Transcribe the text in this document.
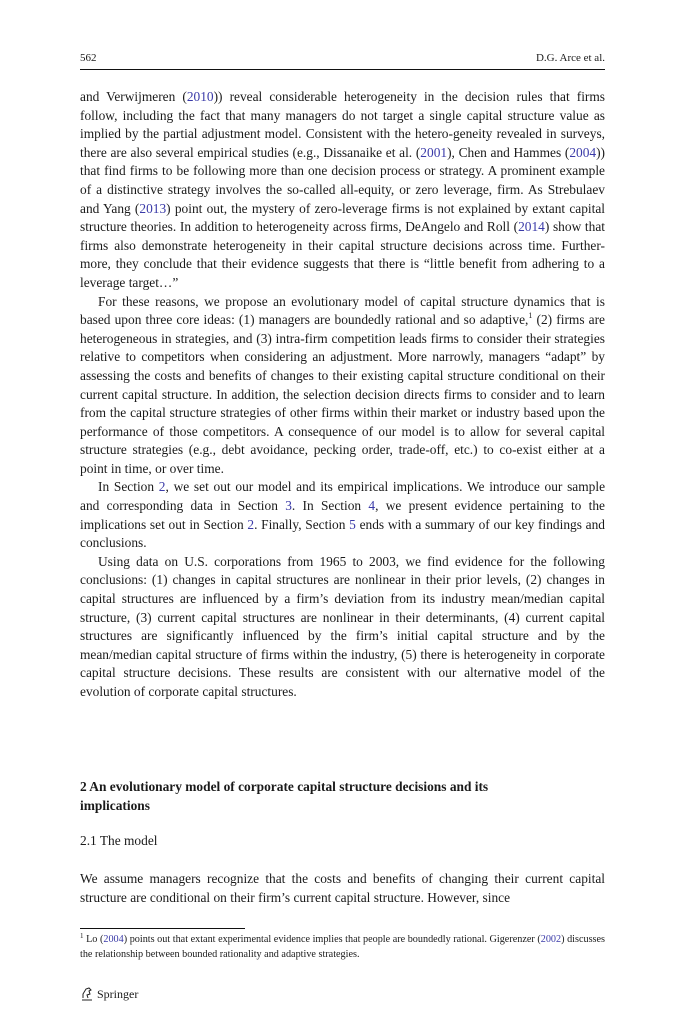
562	D.G. Arce et al.

and Verwijmeren (2010)) reveal considerable heterogeneity in the decision rules that firms follow, including the fact that many managers do not target a single capital structure value as implied by the partial adjustment model. Consistent with the hetero-geneity revealed in surveys, there are also several empirical studies (e.g., Dissanaike et al. (2001), Chen and Hammes (2004)) that find firms to be following more than one decision process or strategy. A prominent example of a distinctive strategy involves the so-called all-equity, or zero leverage, firm. As Strebulaev and Yang (2013) point out, the mystery of zero-leverage firms is not explained by extant capital structure theories. In addition to heterogeneity across firms, DeAngelo and Roll (2014) show that firms also demonstrate heterogeneity in their capital structure decisions across time. Further-more, they conclude that their evidence suggests that there is “little benefit from adhering to a leverage target…”

For these reasons, we propose an evolutionary model of capital structure dynamics that is based upon three core ideas: (1) managers are boundedly rational and so adaptive,$^1$ (2) firms are heterogeneous in strategies, and (3) intra-firm competition leads firms to consider their strategies relative to competitors when considering an adjustment. More narrowly, managers “adapt” by assessing the costs and benefits of changes to their existing capital structure conditional on their current capital structure. In addition, the selection decision directs firms to consider and to learn from the capital structure strategies of other firms within their market or industry based upon the performance of those competitors. A consequence of our model is to allow for several capital structure strategies (e.g., debt avoidance, pecking order, trade-off, etc.) to co-exist either at a point in time, or over time.

In Section 2, we set out our model and its empirical implications. We introduce our sample and corresponding data in Section 3. In Section 4, we present evidence pertaining to the implications set out in Section 2. Finally, Section 5 ends with a summary of our key findings and conclusions.

Using data on U.S. corporations from 1965 to 2003, we find evidence for the following conclusions: (1) changes in capital structures are nonlinear in their prior levels, (2) changes in capital structures are influenced by a firm’s deviation from its industry mean/median capital structure, (3) current capital structures are nonlinear in their determinants, (4) current capital structures are significantly influenced by the firm’s initial capital structure and by the mean/median capital structure of firms within the industry, (5) there is heterogeneity in corporate capital structure decisions. These results are consistent with our alternative model of the evolution of corporate capital structures.

2 An evolutionary model of corporate capital structure decisions and its implications
2.1 The model
We assume managers recognize that the costs and benefits of changing their current capital structure are conditional on their firm’s current capital structure. However, since
$^1$ Lo (2004) points out that extant experimental evidence implies that people are boundedly rational. Gigerenzer (2002) discusses the relationship between bounded rationality and adaptive strategies.
Springer
